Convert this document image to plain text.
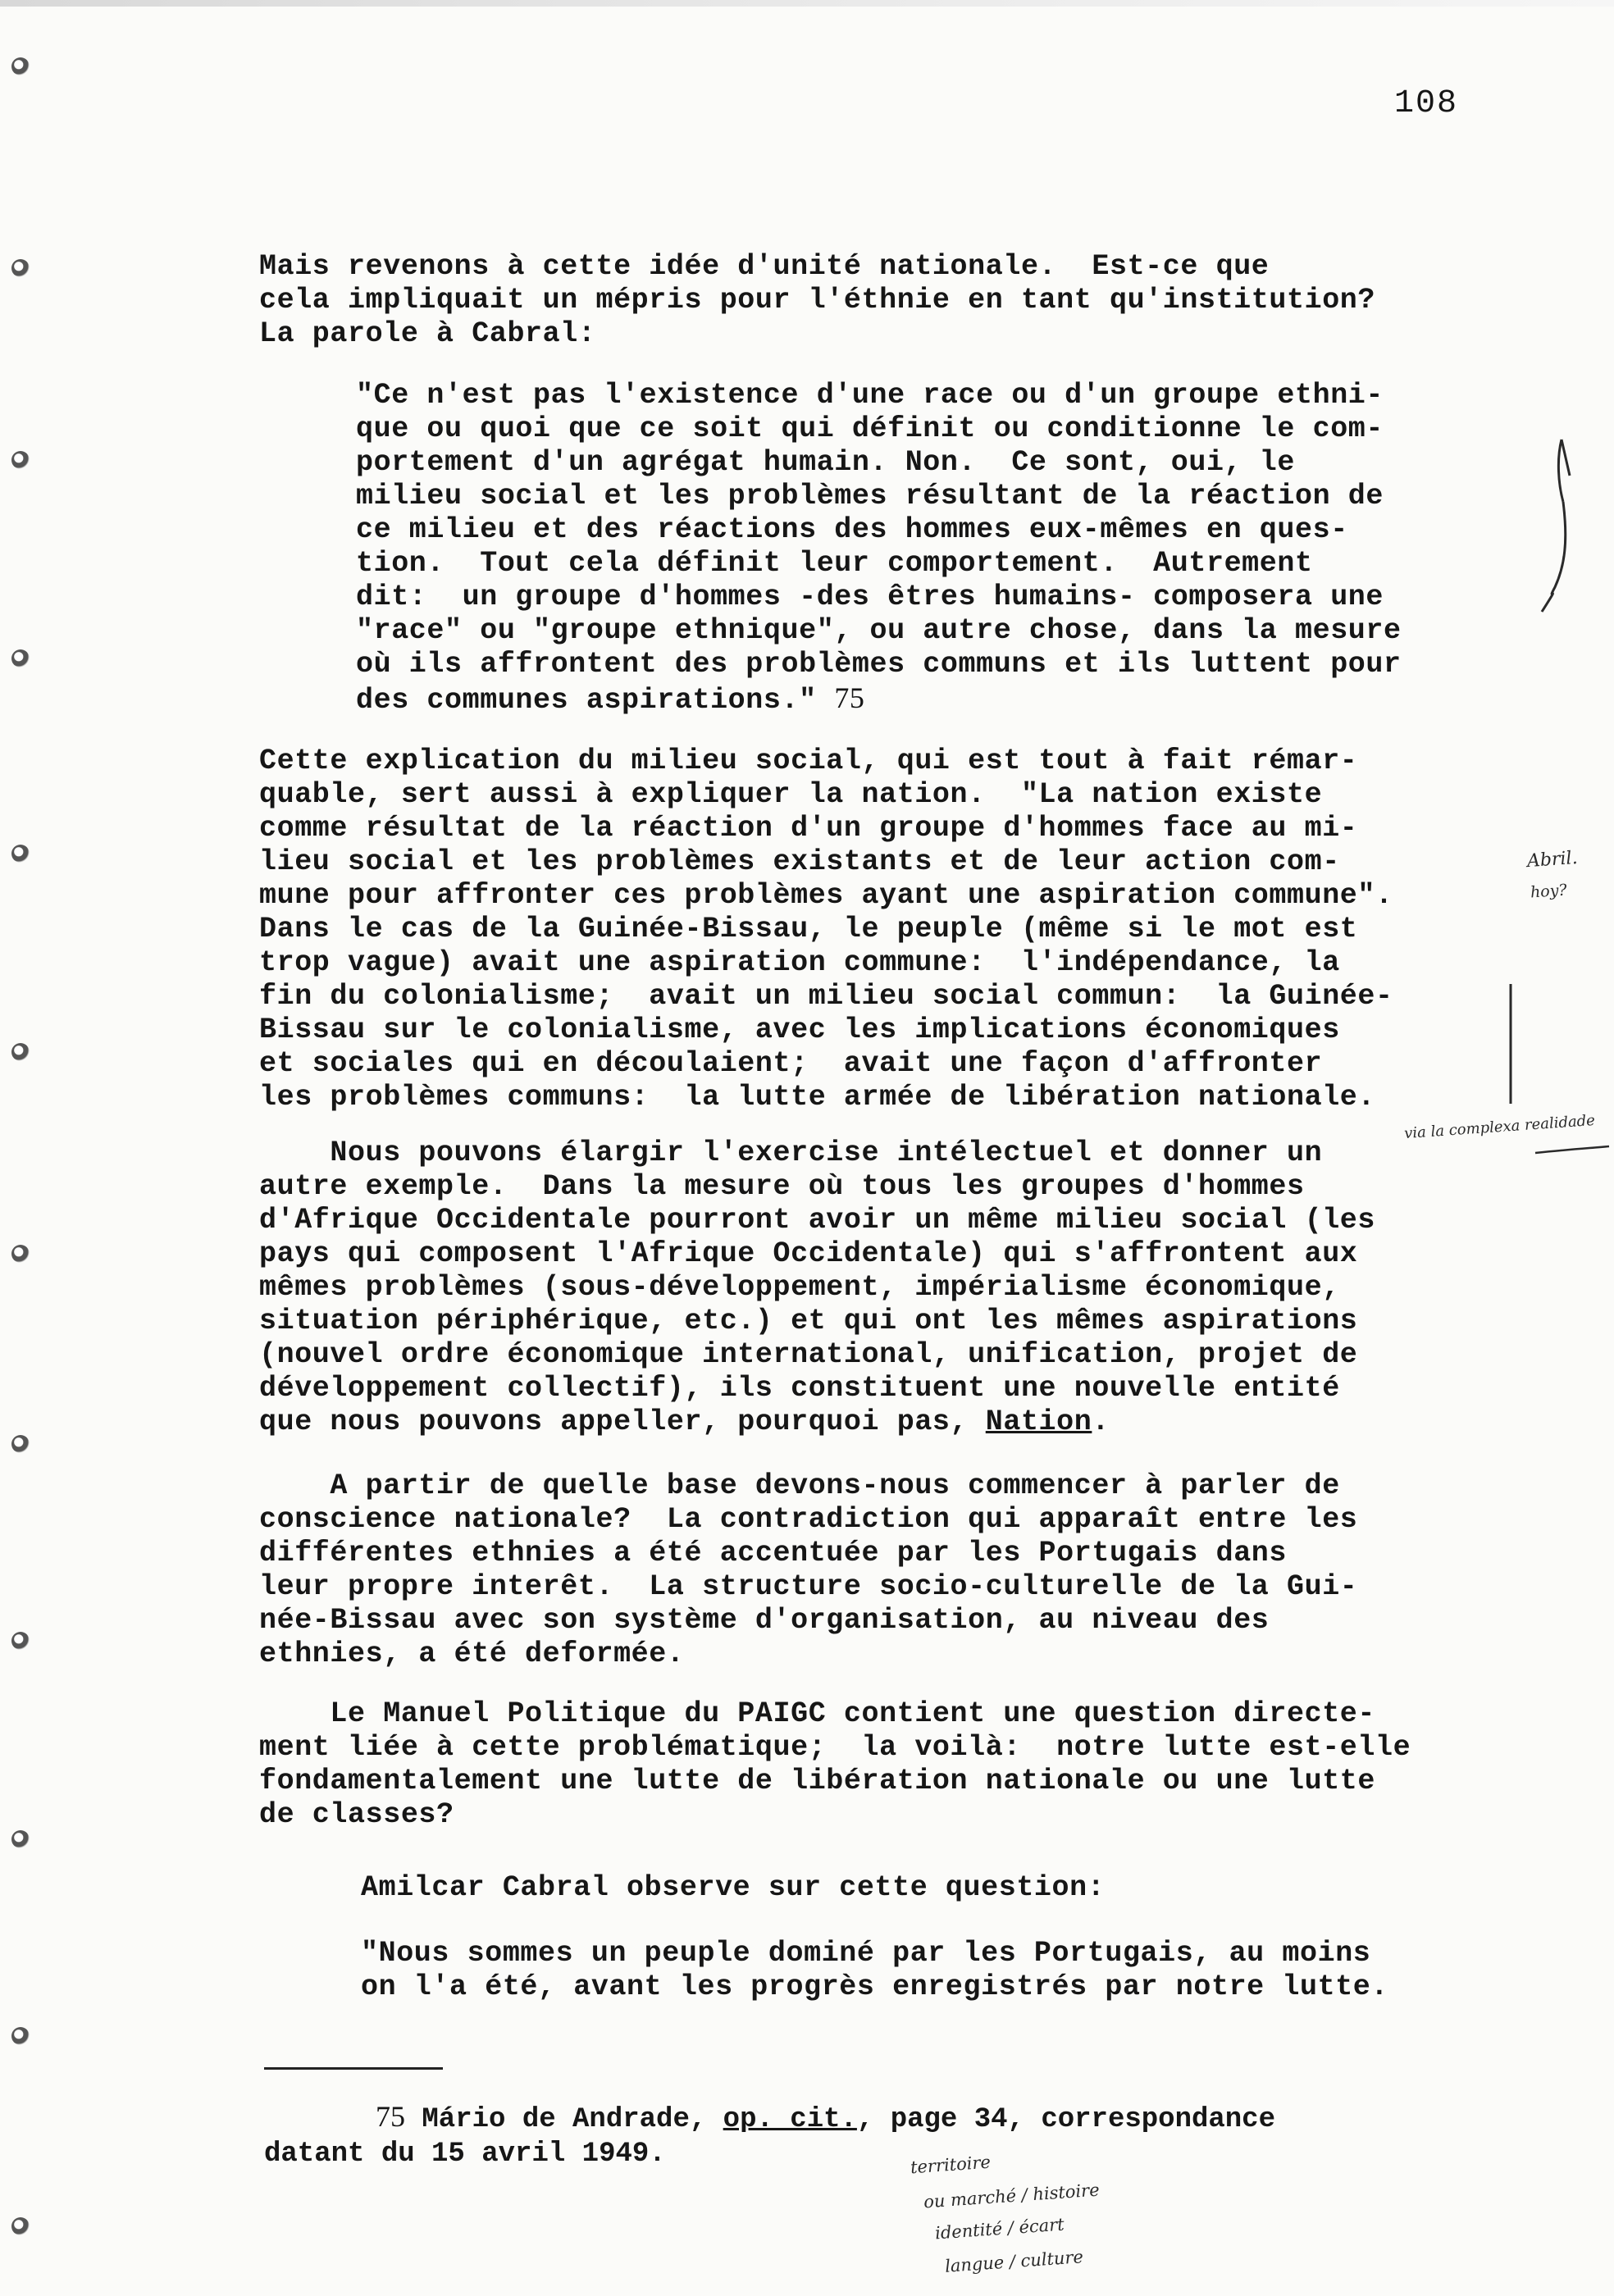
108
Mais revenons à cette idée d'unité nationale.  Est-ce que
cela impliquait un mépris pour l'éthnie en tant qu'institution?
La parole à Cabral:
"Ce n'est pas l'existence d'une race ou d'un groupe ethni-
que ou quoi que ce soit qui définit ou conditionne le com-
portement d'un agrégat humain. Non.  Ce sont, oui, le
milieu social et les problèmes résultant de la réaction de
ce milieu et des réactions des hommes eux-mêmes en ques-
tion.  Tout cela définit leur comportement.  Autrement
dit:  un groupe d'hommes -des êtres humains- composera une
"race" ou "groupe ethnique", ou autre chose, dans la mesure
où ils affrontent des problèmes communs et ils luttent pour
des communes aspirations." 75
Cette explication du milieu social, qui est tout à fait rémar-
quable, sert aussi à expliquer la nation.  "La nation existe
comme résultat de la réaction d'un groupe d'hommes face au mi-
lieu social et les problèmes existants et de leur action com-
mune pour affronter ces problèmes ayant une aspiration commune".
Dans le cas de la Guinée-Bissau, le peuple (même si le mot est
trop vague) avait une aspiration commune:  l'indépendance, la
fin du colonialisme;  avait un milieu social commun:  la Guinée-
Bissau sur le colonialisme, avec les implications économiques
et sociales qui en découlaient;  avait une façon d'affronter
les problèmes communs:  la lutte armée de libération nationale.
Nous pouvons élargir l'exercise intélectuel et donner un
autre exemple.  Dans la mesure où tous les groupes d'hommes
d'Afrique Occidentale pourront avoir un même milieu social (les
pays qui composent l'Afrique Occidentale) qui s'affrontent aux
mêmes problèmes (sous-développement, impérialisme économique,
situation périphérique, etc.) et qui ont les mêmes aspirations
(nouvel ordre économique international, unification, projet de
développement collectif), ils constituent une nouvelle entité
que nous pouvons appeller, pourquoi pas, Nation.
A partir de quelle base devons-nous commencer à parler de
conscience nationale?  La contradiction qui apparaît entre les
différentes ethnies a été accentuée par les Portugais dans
leur propre interêt.  La structure socio-culturelle de la Gui-
née-Bissau avec son système d'organisation, au niveau des
ethnies, a été deformée.
Le Manuel Politique du PAIGC contient une question directe-
ment liée à cette problématique;  la voilà:  notre lutte est-elle
fondamentalement une lutte de libération nationale ou une lutte
de classes?
Amilcar Cabral observe sur cette question:
"Nous sommes un peuple dominé par les Portugais, au moins
on l'a été, avant les progrès enregistrés par notre lutte.
75 Mário de Andrade, op. cit., page 34, correspondance
datant du 15 avril 1949.
Abril.
hoy?
via la complexa realidade
territoire
ou marché / histoire
identité / écart
langue / culture
